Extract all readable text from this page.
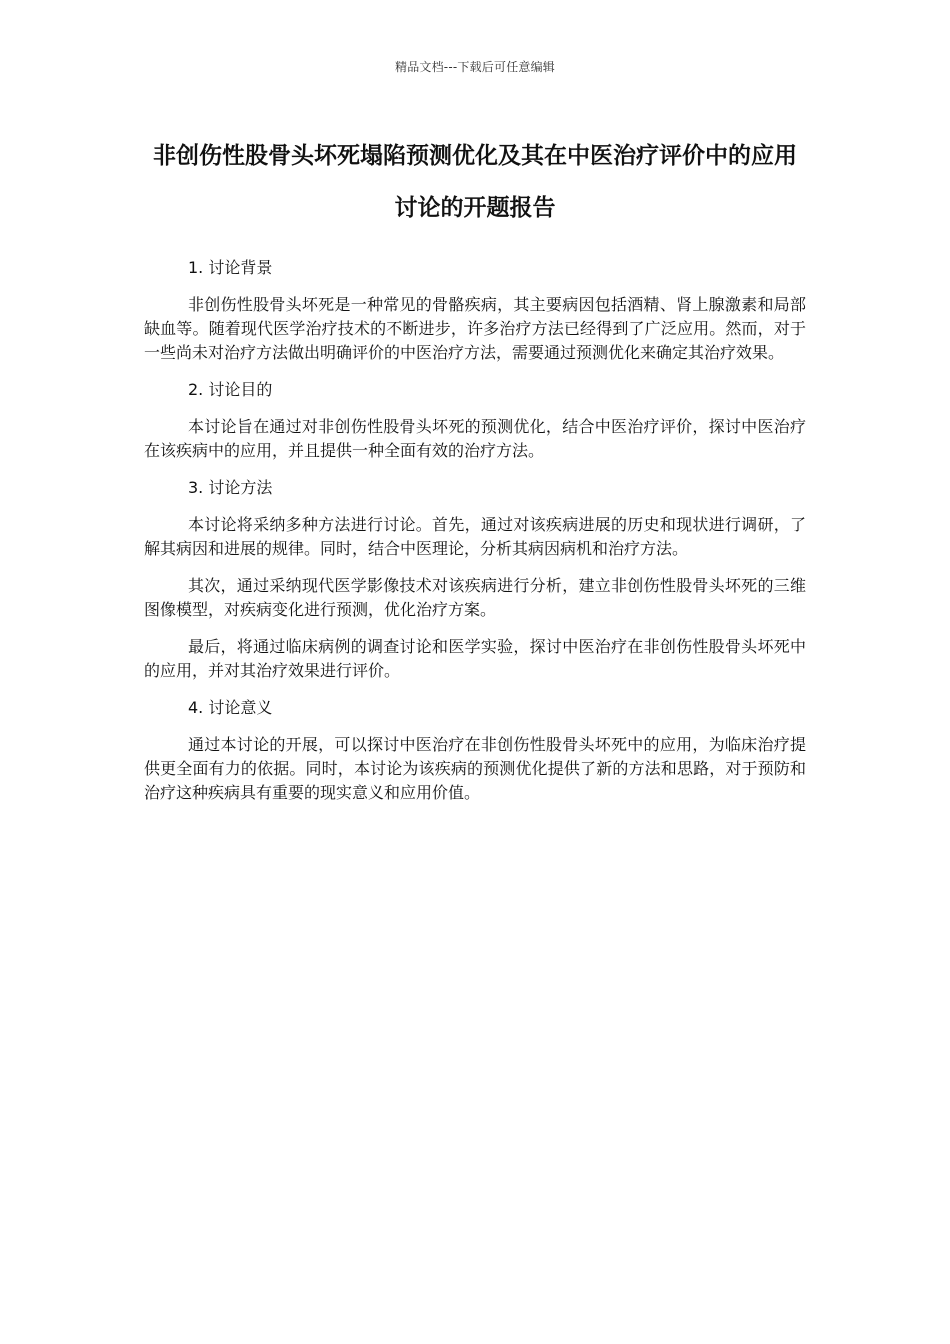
精品文档---下载后可任意编辑
非创伤性股骨头坏死塌陷预测优化及其在中医治疗评价中的应用讨论的开题报告

1. 讨论背景

非创伤性股骨头坏死是一种常见的骨骼疾病，其主要病因包括酒精、肾上腺激素和局部缺血等。随着现代医学治疗技术的不断进步，许多治疗方法已经得到了广泛应用。然而，对于一些尚未对治疗方法做出明确评价的中医治疗方法，需要通过预测优化来确定其治疗效果。

2. 讨论目的

本讨论旨在通过对非创伤性股骨头坏死的预测优化，结合中医治疗评价，探讨中医治疗在该疾病中的应用，并且提供一种全面有效的治疗方法。

3. 讨论方法

本讨论将采纳多种方法进行讨论。首先，通过对该疾病进展的历史和现状进行调研，了解其病因和进展的规律。同时，结合中医理论，分析其病因病机和治疗方法。

其次，通过采纳现代医学影像技术对该疾病进行分析，建立非创伤性股骨头坏死的三维图像模型，对疾病变化进行预测，优化治疗方案。

最后，将通过临床病例的调查讨论和医学实验，探讨中医治疗在非创伤性股骨头坏死中的应用，并对其治疗效果进行评价。

4. 讨论意义

通过本讨论的开展，可以探讨中医治疗在非创伤性股骨头坏死中的应用，为临床治疗提供更全面有力的依据。同时，本讨论为该疾病的预测优化提供了新的方法和思路，对于预防和治疗这种疾病具有重要的现实意义和应用价值。
